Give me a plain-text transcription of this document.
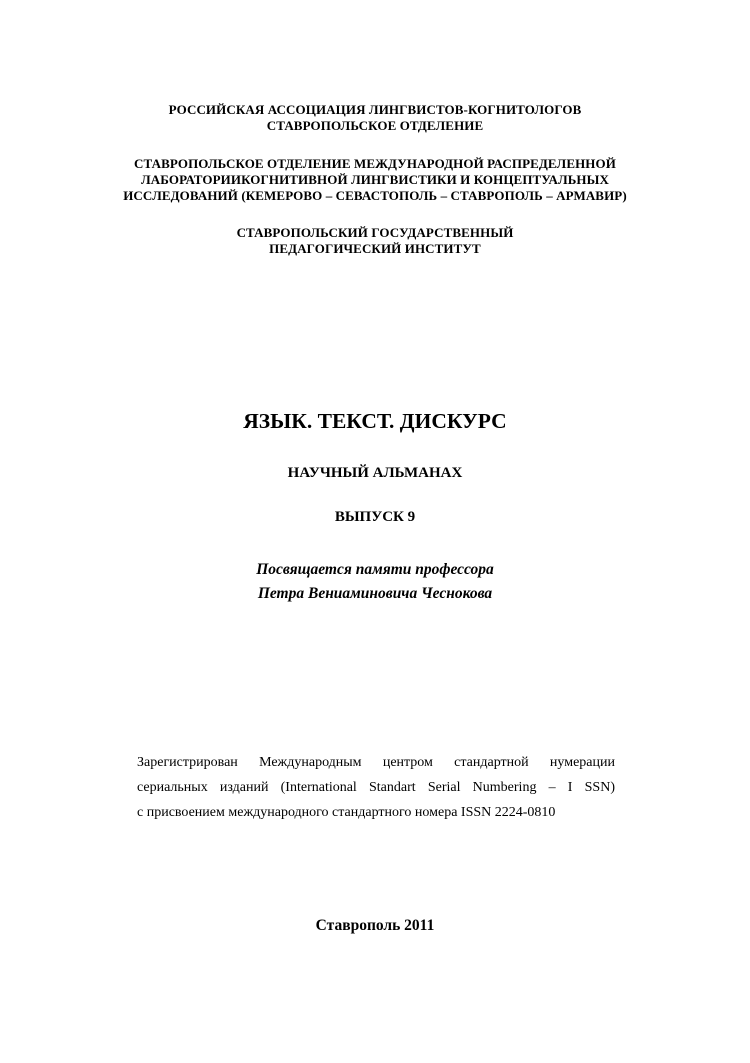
РОССИЙСКАЯ АССОЦИАЦИЯ ЛИНГВИСТОВ-КОГНИТОЛОГОВ
СТАВРОПОЛЬСКОЕ ОТДЕЛЕНИЕ
СТАВРОПОЛЬСКОЕ ОТДЕЛЕНИЕ МЕЖДУНАРОДНОЙ РАСПРЕДЕЛЕННОЙ
ЛАБОРАТОРИИКОГНИТИВНОЙ ЛИНГВИСТИКИ И КОНЦЕПТУАЛЬНЫХ
ИССЛЕДОВАНИЙ (КЕМЕРОВО – СЕВАСТОПОЛЬ – СТАВРОПОЛЬ – АРМАВИР)
СТАВРОПОЛЬСКИЙ ГОСУДАРСТВЕННЫЙ
ПЕДАГОГИЧЕСКИЙ ИНСТИТУТ
ЯЗЫК. ТЕКСТ. ДИСКУРС
НАУЧНЫЙ АЛЬМАНАХ
ВЫПУСК 9
Посвящается памяти профессора
Петра Вениаминовича Чеснокова
Зарегистрирован Международным центром стандартной нумерации
сериальных изданий (International Standart Serial Numbering – I SSN)
с присвоением международного стандартного номера ISSN 2224-0810
Ставрополь 2011
